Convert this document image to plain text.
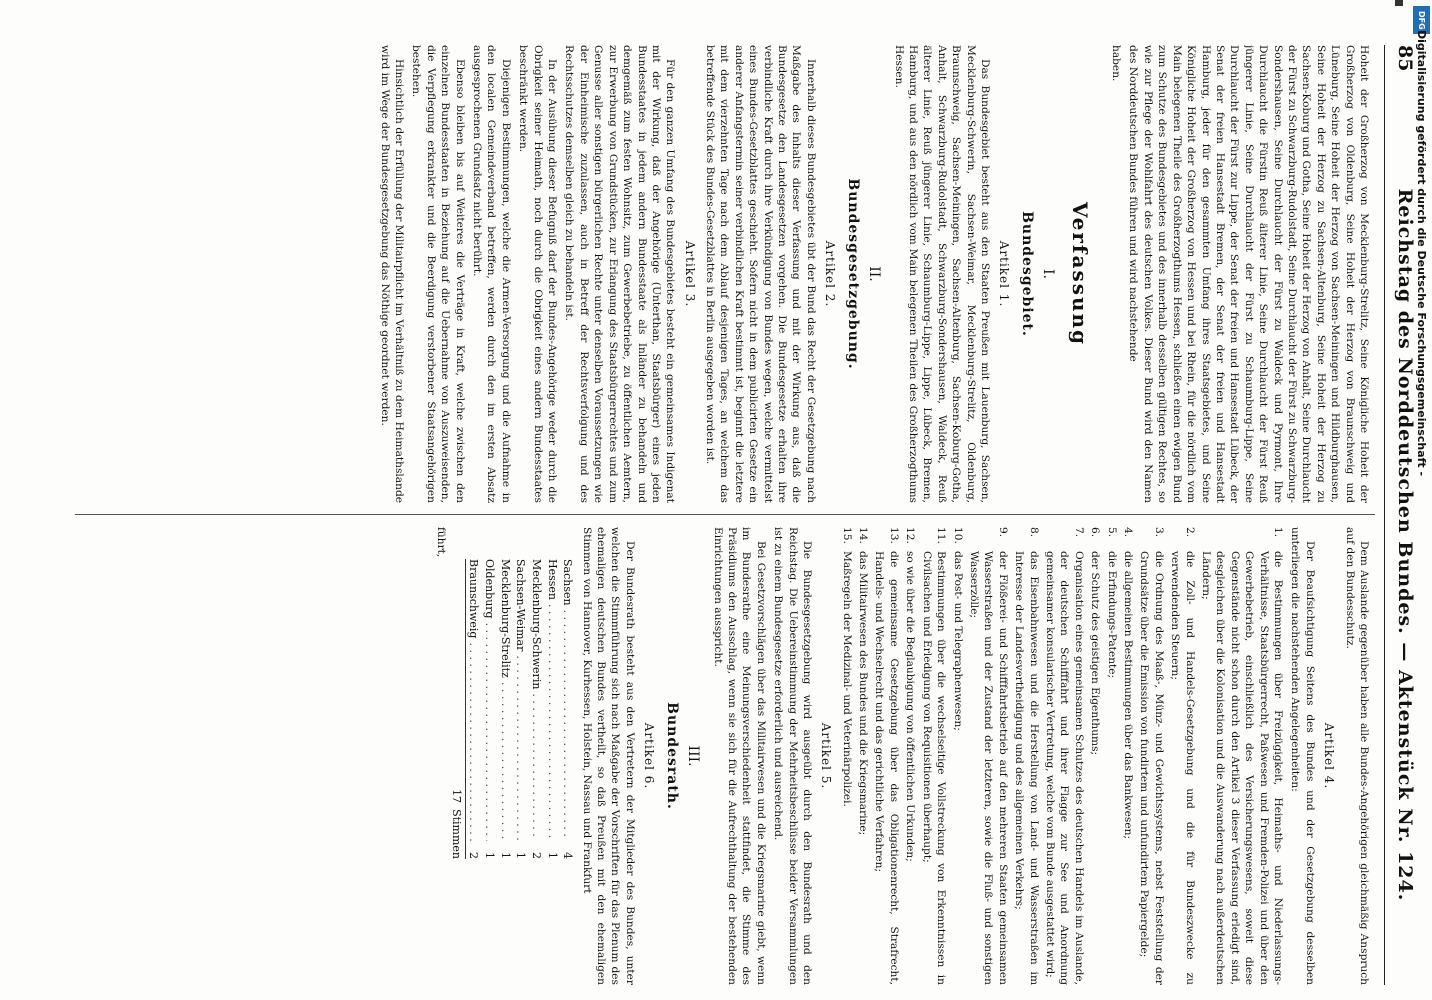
85
Reichstag des Norddeutschen Bundes. — Aktenstück Nr. 124.

Hoheit der Großherzog von Mecklenburg-Strelitz, Seine Königliche Hoheit der Großherzog von Oldenburg, Seine Hoheit der Herzog von Braunschweig und Lüneburg, Seine Hoheit der Herzog von Sachsen-Meiningen und Hildburghausen, Seine Hoheit der Herzog zu Sachsen-Altenburg, Seine Hoheit der Herzog zu Sachsen-Koburg und Gotha, Seine Hoheit der Herzog von Anhalt, Seine Durchlaucht der Fürst zu Schwarzburg-Rudolstadt, Seine Durchlaucht der Fürst zu Schwarzburg-Sondershausen, Seine Durchlaucht der Fürst zu Waldeck und Pyrmont, Ihre Durchlaucht die Fürstin Reuß älterer Linie, Seine Durchlaucht der Fürst Reuß jüngerer Linie, Seine Durchlaucht der Fürst zu Schaumburg-Lippe, Seine Durchlaucht der Fürst zur Lippe, der Senat der freien und Hansestadt Lübeck, der Senat der freien Hansestadt Bremen, der Senat der freien und Hansestadt Hamburg, jeder für den gesammten Umfang ihres Staatsgebietes, und Seine Königliche Hoheit der Großherzog von Hessen und bei Rhein, für die nördlich vom Main belegenen Theile des Großherzogthums Hessen, schließen einen ewigen Bund zum Schutze des Bundesgebietes und des innerhalb desselben gültigen Rechtes, so wie zur Pflege der Wohlfahrt des deutschen Volkes. Dieser Bund wird den Namen des Norddeutschen Bundes führen und wird nachstehende

haben.

Verfassung
I.
Bundesgebiet.
Artikel 1.

Das Bundesgebiet besteht aus den Staaten Preußen mit Lauenburg, Sachsen, Mecklenburg-Schwerin, Sachsen-Weimar, Mecklenburg-Strelitz, Oldenburg, Braunschweig, Sachsen-Meiningen, Sachsen-Altenburg, Sachsen-Koburg-Gotha, Anhalt, Schwarzburg-Rudolstadt, Schwarzburg-Sondershausen, Waldeck, Reuß älterer Linie, Reuß jüngerer Linie, Schaumburg-Lippe, Lippe, Lübeck, Bremen, Hamburg, und aus den nördlich vom Main belegenen Theilen des Großherzogthums Hessen.

II.
Bundesgesetzgebung.
Artikel 2.

Innerhalb dieses Bundesgebietes übt der Bund das Recht der Gesetzgebung nach Maßgabe des Inhalts dieser Verfassung und mit der Wirkung aus, daß die Bundesgesetze den Landesgesetzen vorgehen. Die Bundesgesetze erhalten ihre verbindliche Kraft durch ihre Verkündigung von Bundes wegen, welche vermittelst eines Bundes-Gesetzblattes geschieht. Sofern nicht in dem publicirten Gesetze ein anderer Anfangstermin seiner verbindlichen Kraft bestimmt ist, beginnt die letztere mit dem vierzehnten Tage nach dem Ablauf desjenigen Tages, an welchem das betreffende Stück des Bundes-Gesetzblattes in Berlin ausgegeben worden ist.

Artikel 3.

Für den ganzen Umfang des Bundesgebietes besteht ein gemeinsames Indigenat mit der Wirkung, daß der Angehörige (Unterthan, Staatsbürger) eines jeden Bundesstaates in jedem andern Bundesstaate als Inländer zu behandeln und demgemäß zum festen Wohnsitz, zum Gewerbebetriebe, zu öffentlichen Aemtern, zur Erwerbung von Grundstücken, zur Erlangung des Staatsbürgerrechtes und zum Genusse aller sonstigen bürgerlichen Rechte unter denselben Voraussetzungen wie der Einheimische zuzulassen, auch in Betreff der Rechtsverfolgung und des Rechtsschutzes demselben gleich zu behandeln ist.

In der Ausübung dieser Befugniß darf der Bundes-Angehörige weder durch die Obrigkeit seiner Heimath, noch durch die Obrigkeit eines andern Bundesstaates beschränkt werden.

Diejenigen Bestimmungen, welche die Armen-Versorgung und die Aufnahme in den localen Gemeindeverband betreffen, werden durch den im ersten Absatz ausgesprochenen Grundsatz nicht berührt.

Ebenso bleiben bis auf Weiteres die Verträge in Kraft, welche zwischen den einzelnen Bundesstaaten in Beziehung auf die Uebernahme von Auszuweisenden, die Verpflegung erkrankter und die Beerdigung verstorbener Staatsangehörigen bestehen.

Hinsichtlich der Erfüllung der Militairpflicht im Verhältniß zu dem Heimathslande wird im Wege der Bundesgesetzgebung das Nöthige geordnet werden.

Dem Auslande gegenüber haben alle Bundes-Angehörigen gleichmäßig Anspruch auf den Bundesschutz.

Artikel 4.

Der Beaufsichtigung Seitens des Bundes und der Gesetzgebung desselben unterliegen die nachstehenden Angelegenheiten:

1.
die Bestimmungen über Freizügigkeit, Heimaths- und Niederlassungs-Verhältnisse, Staatsbürgerrecht, Paßwesen und Fremden-Polizei und über den Gewerbebetrieb, einschließlich des Versicherungswesens, soweit diese Gegenstände nicht schon durch den Artikel 3 dieser Verfassung erledigt sind, desgleichen über die Kolonisation und die Auswanderung nach außerdeutschen Ländern;
2.
die Zoll- und Handels-Gesetzgebung und die für Bundeszwecke zu verwendenden Steuern;
3.
die Ordnung des Maaß-, Münz- und Gewichtssystems, nebst Feststellung der Grundsätze über die Emission von fundirtem und unfundirtem Papiergelde;
4.
die allgemeinen Bestimmungen über das Bankwesen;
5.
die Erfindungs-Patente;
6.
der Schutz des geistigen Eigenthums;
7.
Organisation eines gemeinsamen Schutzes des deutschen Handels im Auslande, der deutschen Schifffahrt und ihrer Flagge zur See und Anordnung gemeinsamer konsularischer Vertretung, welche vom Bunde ausgestattet wird;
8.
das Eisenbahnwesen und die Herstellung von Land- und Wasserstraßen im Interesse der Landesvertheidigung und des allgemeinen Verkehrs;
9.
der Flößerei- und Schifffahrtsbetrieb auf den mehreren Staaten gemeinsamen Wasserstraßen und der Zustand der letzteren, sowie die Fluß- und sonstigen Wasserzölle;
10.
das Post- und Telegraphenwesen;
11.
Bestimmungen über die wechselseitige Vollstreckung von Erkenntnissen in Civilsachen und Erledigung von Requisitionen überhaupt;
12.
so wie über die Beglaubigung von öffentlichen Urkunden;
13.
die gemeinsame Gesetzgebung über das Obligationenrecht, Strafrecht, Handels- und Wechselrecht und das gerichtliche Verfahren;
14.
das Militairwesen des Bundes und die Kriegsmarine;
15.
Maßregeln der Medizinal- und Veterinärpolizei.
Artikel 5.

Die Bundesgesetzgebung wird ausgeübt durch den Bundesrath und den Reichstag. Die Uebereinstimmung der Mehrheitsbeschlüsse beider Versammlungen ist zu einem Bundesgesetze erforderlich und ausreichend.

Bei Gesetzvorschlägen über das Militairwesen und die Kriegsmarine giebt, wenn im Bundesrathe eine Meinungsverschiedenheit stattfindet, die Stimme des Präsidiums den Ausschlag, wenn sie sich für die Aufrechthaltung der bestehenden Einrichtungen ausspricht.

III.
Bundesrath.
Artikel 6.

Der Bundesrath besteht aus den Vertretern der Mitglieder des Bundes, unter welchen die Stimmführung sich nach Maßgabe der Vorschriften für das Plenum des ehemaligen deutschen Bundes vertheilt, so daß Preußen mit den ehemaligen Stimmen von Hannover, Kurhessen, Holstein, Nassau und Frankfurt

Sachsen
. . .
4
Hessen
. . .
1
Mecklenburg-Schwerin
. . .
2
Sachsen-Weimar
. . .
1
Mecklenburg-Strelitz
. . .
1
Oldenburg
. . .
1
Braunschweig
. . .
2
17
Stimmen

führt,

DFG
Digitalisierung gefördert durch die Deutsche Forschungsgemeinschaft -
